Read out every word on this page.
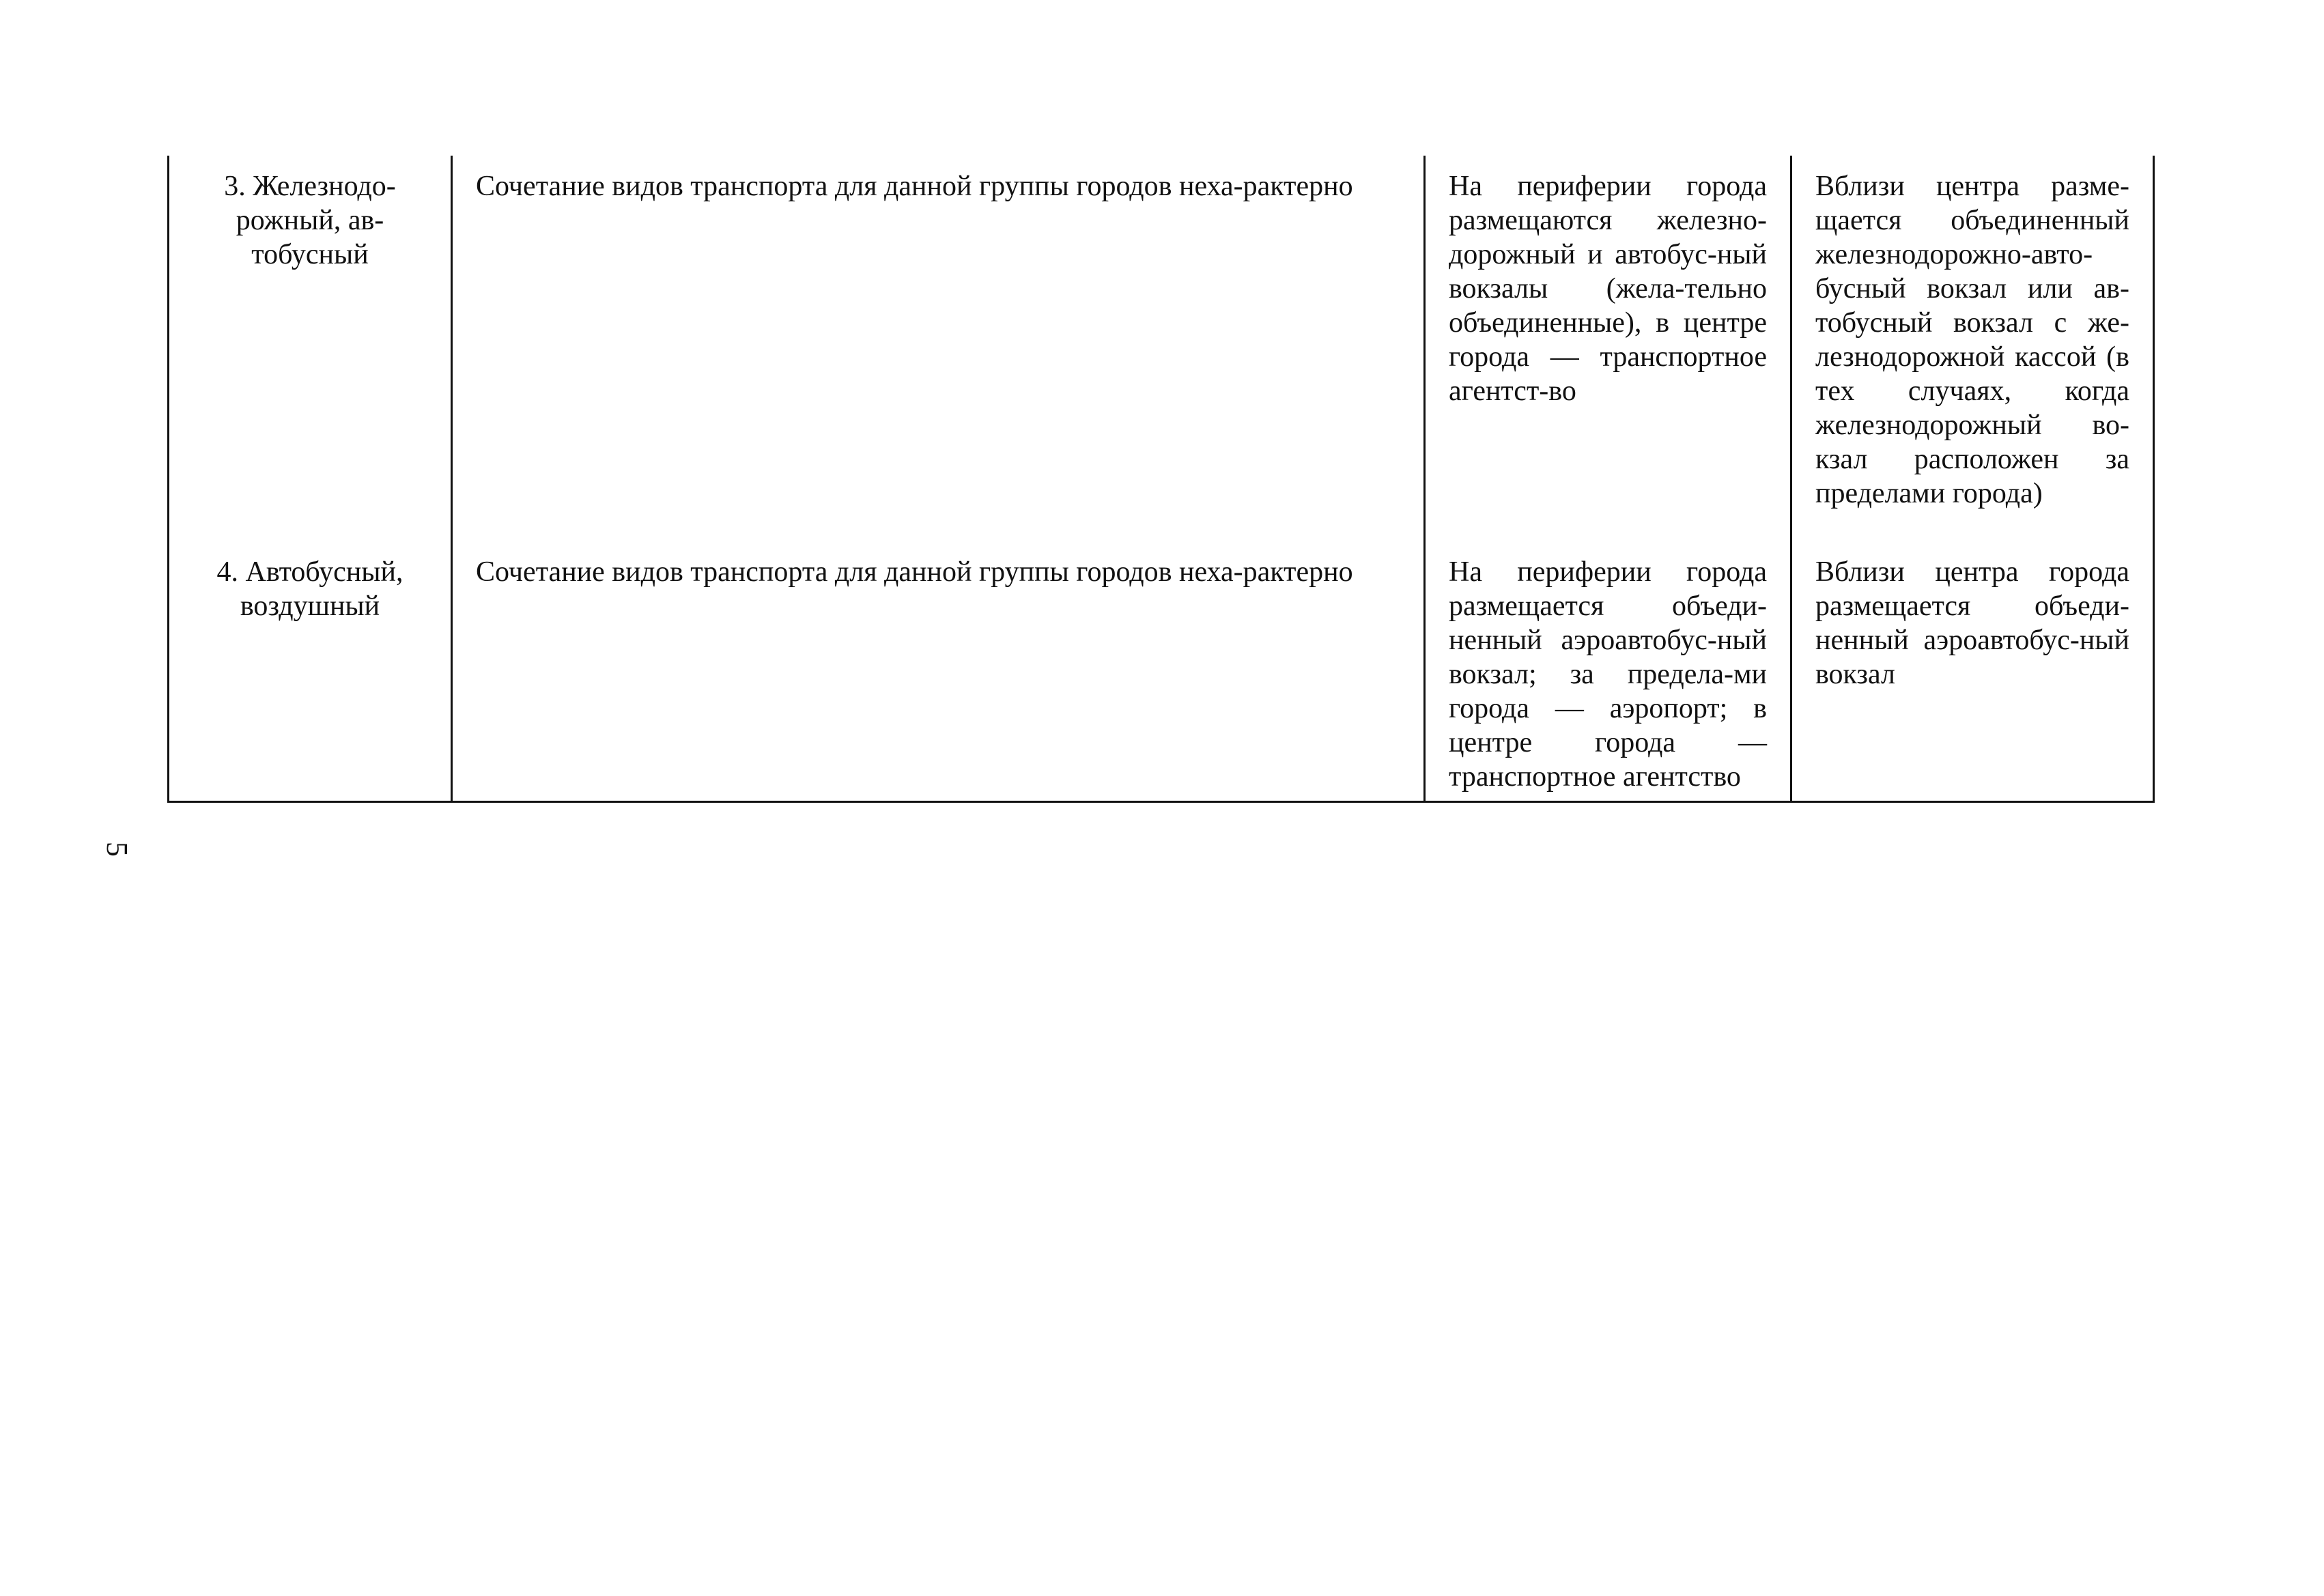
3. Железнодо-рожный, ав-тобусный	Сочетание видов транспорта для данной группы городов неха-рактерно	На периферии города размещаются железно-дорожный и автобус-ный вокзалы (жела-тельно объединенные), в центре города — транспортное агентст-во	Вблизи центра разме-щается объединенный железнодорожно-авто-бусный вокзал или ав-тобусный вокзал с же-лезнодорожной кассой (в тех случаях, когда железнодорожный во-кзал расположен за пределами города)
4. Автобусный, воздушный	Сочетание видов транспорта для данной группы городов неха-рактерно	На периферии города размещается объеди-ненный аэроавтобус-ный вокзал; за предела-ми города — аэропорт; в центре города — транспортное агентство	Вблизи центра города размещается объеди-ненный аэроавтобус-ный вокзал
5
